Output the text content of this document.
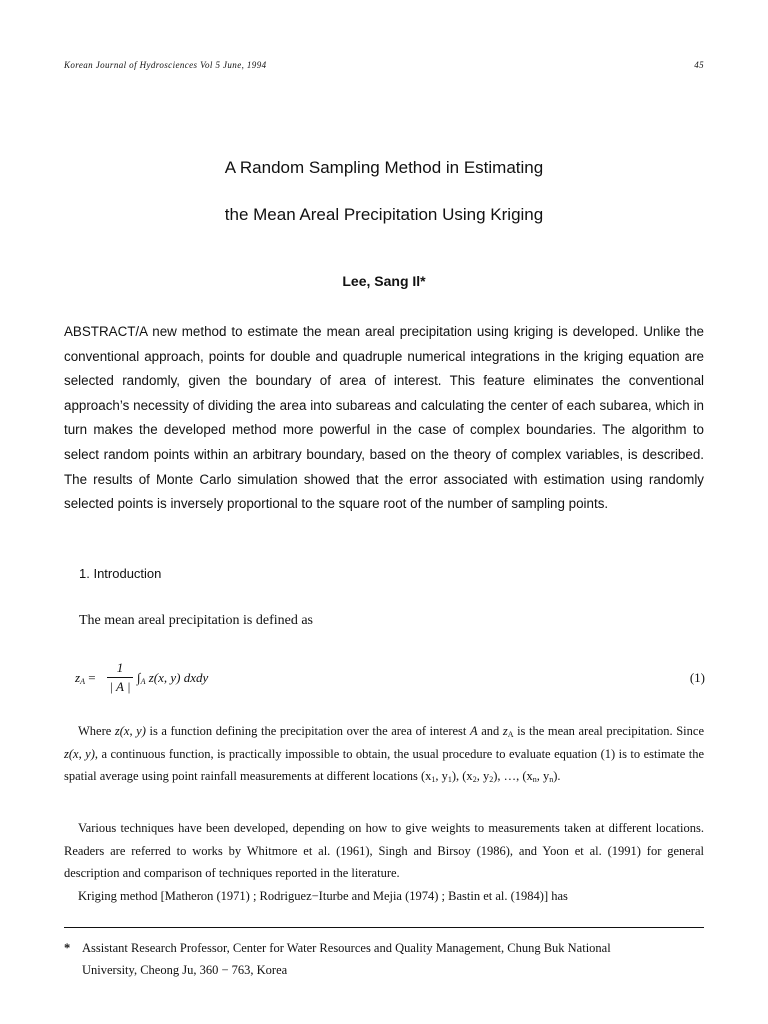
Korean Journal of Hydrosciences Vol 5 June, 1994	45
A Random Sampling Method in Estimating
the Mean Areal Precipitation Using Kriging
Lee, Sang Il*
ABSTRACT/A new method to estimate the mean areal precipitation using kriging is developed. Unlike the conventional approach, points for double and quadruple numerical integrations in the kriging equation are selected randomly, given the boundary of area of interest. This feature eliminates the conventional approach’s necessity of dividing the area into subareas and calculating the center of each subarea, which in turn makes the developed method more powerful in the case of complex boundaries. The algorithm to select random points within an arbitrary boundary, based on the theory of complex variables, is described. The results of Monte Carlo simulation showed that the error associated with estimation using randomly selected points is inversely proportional to the square root of the number of sampling points.
1. Introduction
The mean areal precipitation is defined as
$z_A$ =
1
| A |
$\int_A$ z(x, y) dxdy	(1)
Where z(x, y) is a function defining the precipitation over the area of interest A and $z_A$ is the mean areal precipitation. Since z(x, y), a continuous function, is practically impossible to obtain, the usual procedure to evaluate equation (1) is to estimate the spatial average using point rainfall measurements at different locations ($x_1$, $y_1$), ($x_2$, $y_2$), …, ($x_n$, $y_n$).
Various techniques have been developed, depending on how to give weights to measurements taken at different locations. Readers are referred to works by Whitmore et al. (1961), Singh and Birsoy (1986), and Yoon et al. (1991) for general description and comparison of techniques reported in the literature.
Kriging method [Matheron (1971) ; Rodriguez−Iturbe and Mejia (1974) ; Bastin et al. (1984)] has
* Assistant Research Professor, Center for Water Resources and Quality Management, Chung Buk National
University, Cheong Ju, 360 − 763, Korea
